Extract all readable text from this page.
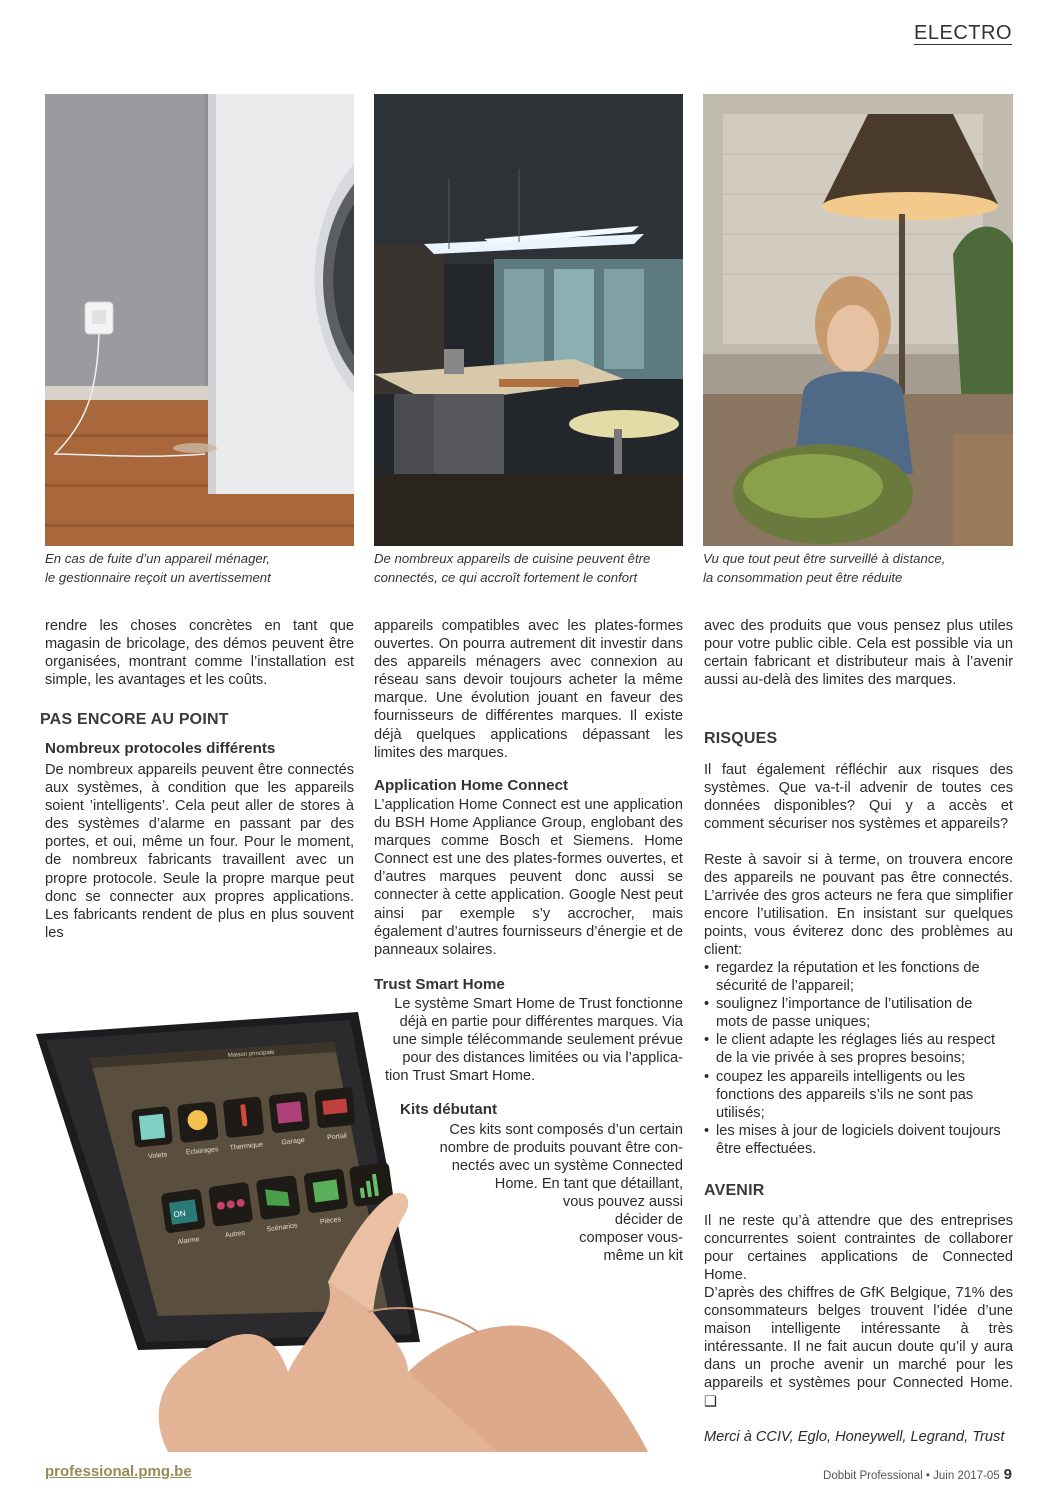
ELECTRO
En cas de fuite d’un appareil ménager,
le gestionnaire reçoit un avertissement
De nombreux appareils de cuisine peuvent être
connectés, ce qui accroît fortement le confort
Vu que tout peut être surveillé à distance,
la consommation peut être réduite
rendre les choses concrètes en tant que magasin de bricolage, des démos peuvent être organisées, montrant comme l’installation est simple, les avantages et les coûts.
PAS ENCORE AU POINT
Nombreux protocoles différents
De nombreux appareils peuvent être connectés aux systèmes, à condition que les appareils soient ’intelligents’. Cela peut aller de stores à des systèmes d’alarme en passant par des portes, et oui, même un four. Pour le moment, de nombreux fabricants travaillent avec un propre protocole. Seule la propre marque peut donc se connecter aux propres applications. Les fabricants rendent de plus en plus souvent les
appareils compatibles avec les plates-formes ouvertes. On pourra autrement dit investir dans des appareils ménagers avec connexion au réseau sans devoir toujours acheter la même marque. Une évolution jouant en faveur des fournisseurs de différentes marques. Il existe déjà quelques applications dépassant les limites des marques.
Application Home Connect
L’application Home Connect est une application du BSH Home Appliance Group, englobant des marques comme Bosch et Siemens. Home Connect est une des plates-formes ouvertes, et d’autres marques peuvent donc aussi se connecter à cette application. Google Nest peut ainsi par exemple s’y accrocher, mais également d’autres fournisseurs d’énergie et de panneaux solaires.
Trust Smart Home
Le système Smart Home de Trust fonctionne
déjà en partie pour différentes marques. Via
une simple télécommande seulement prévue
pour des distances limitées ou via l’applica-
tion Trust Smart Home.
Kits débutant
Ces kits sont composés d’un certain
nombre de produits pouvant être con-
nectés avec un système Connected
Home. En tant que détaillant,
vous pouvez aussi
décider de
composer vous-
même un kit
avec des produits que vous pensez plus utiles pour votre public cible. Cela est possible via un certain fabricant et distributeur mais à l’avenir aussi au-delà des limites des marques.
RISQUES
Il faut également réfléchir aux risques des systèmes. Que va-t-il advenir de toutes ces données disponibles? Qui y a accès et comment sécuriser nos systèmes et appareils?
Reste à savoir si à terme, on trouvera encore des appareils ne pouvant pas être connectés. L’arrivée des gros acteurs ne fera que simplifier encore l’utilisation. En insistant sur quelques points, vous éviterez donc des problèmes au client:
• regardez la réputation et les fonctions de sécurité de l’appareil;
• soulignez l’importance de l’utilisation de mots de passe uniques;
• le client adapte les réglages liés au respect de la vie privée à ses propres besoins;
• coupez les appareils intelligents ou les fonctions des appareils s’ils ne sont pas utilisés;
• les mises à jour de logiciels doivent toujours être effectuées.
AVENIR
Il ne reste qu’à attendre que des entreprises concurrentes soient contraintes de collaborer pour certaines applications de Connected Home.
D’après des chiffres de GfK Belgique, 71% des consommateurs belges trouvent l’idée d’une maison intelligente intéressante à très intéressante. Il ne fait aucun doute qu’il y aura dans un proche avenir un marché pour les appareils et systèmes pour Connected Home. ❑
Merci à CCIV, Eglo, Honeywell, Legrand, Trust
Maison principale
Volets	Eclairages Thermique	Garage	Portail
ON
Alarme
Autres
Scénarios
Pièces
professional.pmg.be	Dobbit Professional • Juin 2017-05 9
